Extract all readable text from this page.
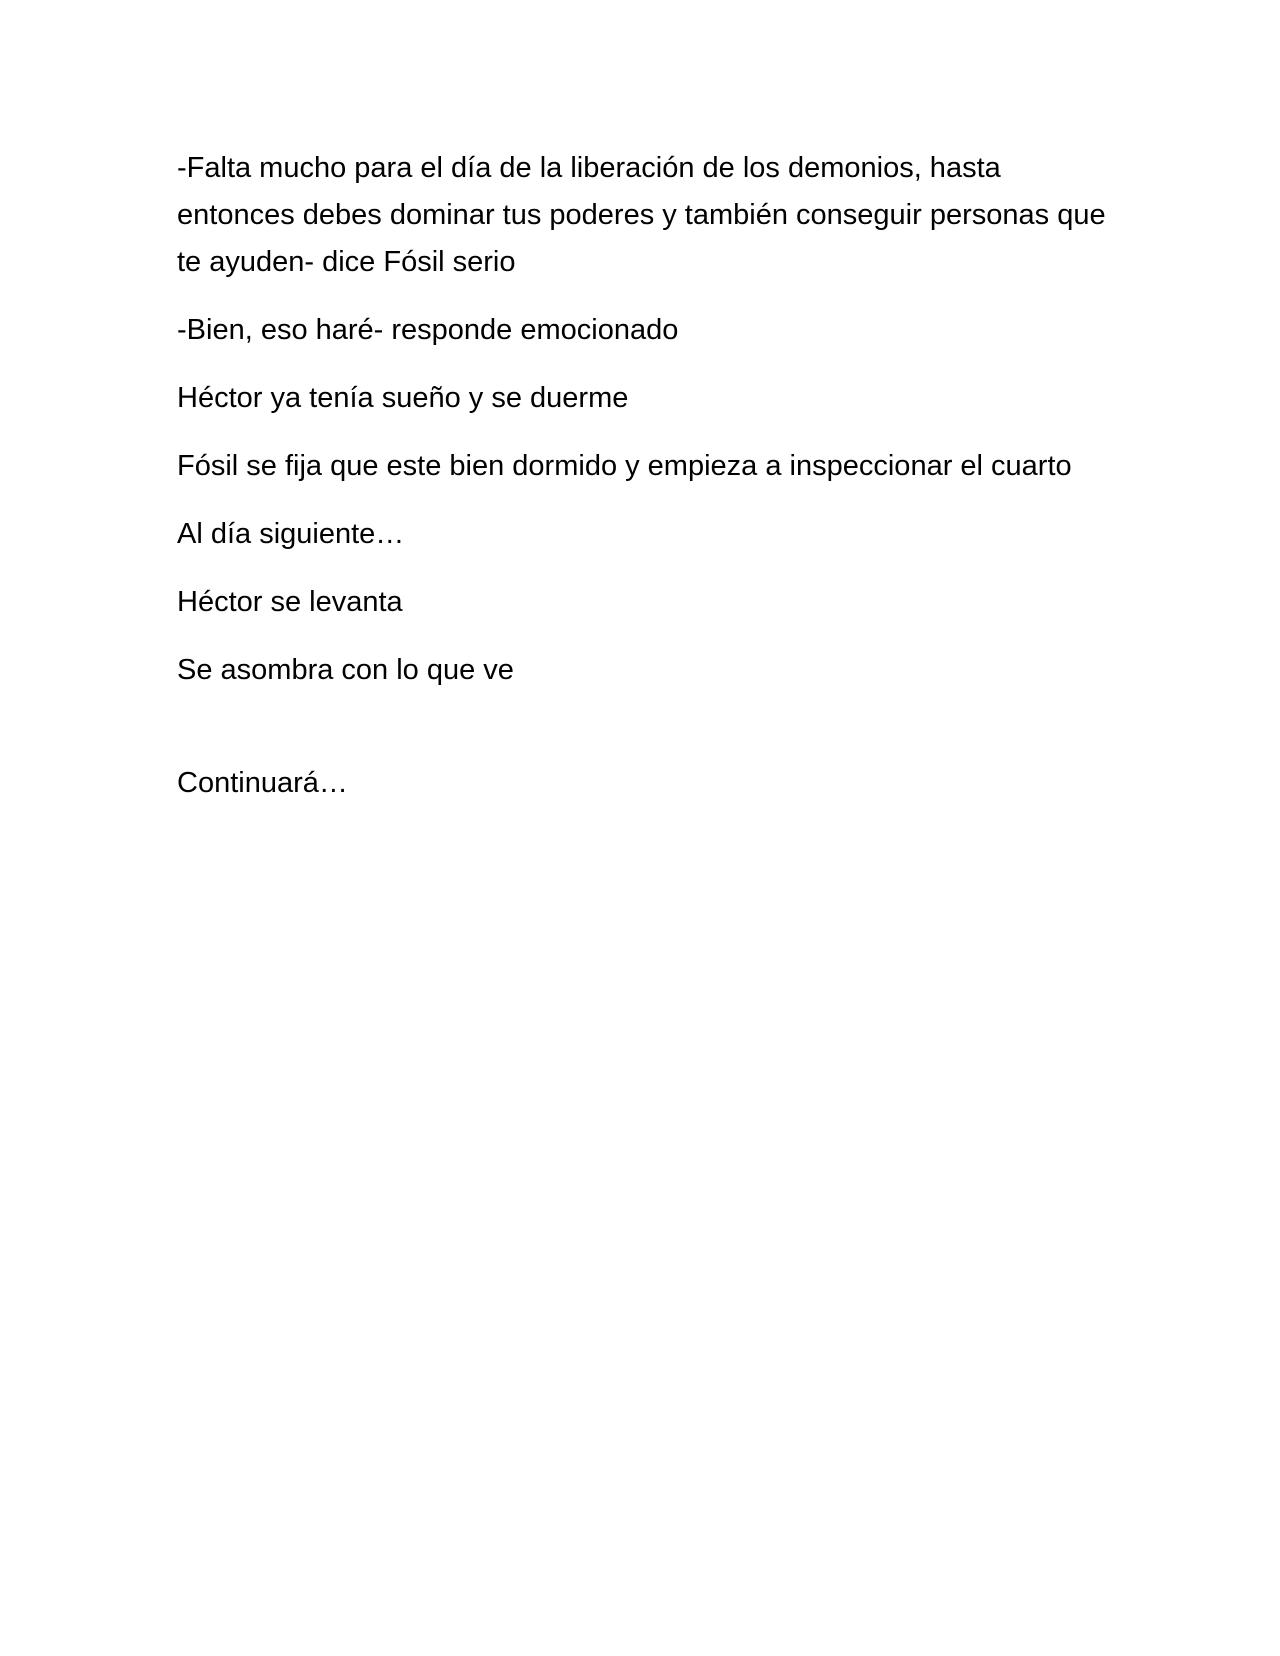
-Falta mucho para el día de la liberación de los demonios, hasta entonces debes dominar tus poderes y también conseguir personas que te ayuden- dice Fósil serio

-Bien, eso haré- responde emocionado

Héctor ya tenía sueño y se duerme

Fósil se fija que este bien dormido y empieza a inspeccionar el cuarto

Al día siguiente…

Héctor se levanta

Se asombra con lo que ve

Continuará…
